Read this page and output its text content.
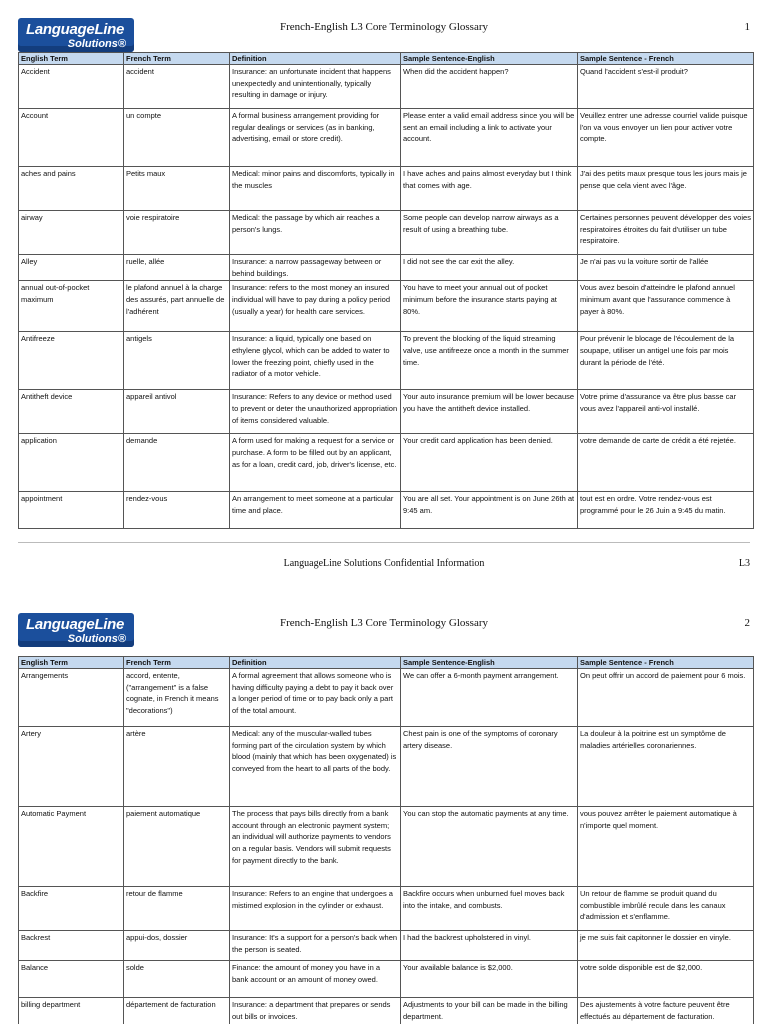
LanguageLine
Solutions®
French-English L3 Core Terminology Glossary	1
English Term	French Term	Definition	Sample Sentence-English	Sample Sentence - French
Accident	accident	Insurance: an unfortunate incident that happens unexpectedly and unintentionally, typically resulting in damage or injury.	When did the accident happen?	Quand l'accident s'est-il produit?
Account	un compte	A formal business arrangement providing for regular dealings or services (as in banking, advertising, email or store credit).	Please enter a valid email address since you will be sent an email including a link to activate your account.	Veuillez entrer une adresse courriel valide puisque l'on va vous envoyer un lien pour activer votre compte.
aches and pains	Petits maux	Medical: minor pains and discomforts, typically in the muscles	I have aches and pains almost everyday but I think that comes with age.	J'ai des petits maux presque tous les jours mais je pense que cela vient avec l'âge.
airway	voie respiratoire	Medical: the passage by which air reaches a person's lungs.	Some people can develop narrow airways as a result of using a breathing tube.	Certaines personnes peuvent développer des voies respiratoires étroites du fait d'utiliser un tube respiratoire.
Alley	ruelle, allée	Insurance: a narrow passageway between or behind buildings.	I did not see the car exit the alley.	Je n'ai pas vu la voiture sortir de l'allée
annual out-of-pocket maximum	le plafond annuel à la charge des assurés, part annuelle de l'adhérent	Insurance: refers to the most money an insured individual will have to pay during a policy period (usually a year) for health care services.	You have to meet your annual out of pocket minimum before the insurance starts paying at 80%.	Vous avez besoin d'atteindre le plafond annuel minimum avant que l'assurance commence à payer à 80%.
Antifreeze	antigels	Insurance: a liquid, typically one based on ethylene glycol, which can be added to water to lower the freezing point, chiefly used in the radiator of a motor vehicle.	To prevent the blocking of the liquid streaming valve, use antifreeze once a month in the summer time.	Pour prévenir le blocage de l'écoulement de la soupape, utiliser un antigel une fois par mois durant la période de l'été.
Antitheft device	appareil antivol	Insurance: Refers to any device or method used to prevent or deter the unauthorized appropriation of items considered valuable.	Your auto insurance premium will be lower because you have the antitheft device installed.	Votre prime d'assurance va être plus basse car vous avez l'appareil anti-vol installé.
application	demande	A form used for making a request for a service or purchase. A form to be filled out by an applicant, as for a loan, credit card, job, driver's license, etc.	Your credit card application has been denied.	votre demande de carte de crédit a été rejetée.
appointment	rendez-vous	An arrangement to meet someone at a particular time and place.	You are all set. Your appointment is on June 26th at 9:45 am.	tout est en ordre. Votre rendez-vous est programmé pour le 26 Juin a 9:45 du matin.
LanguageLine Solutions Confidential Information	L3
LanguageLine
Solutions®
French-English L3 Core Terminology Glossary	2
English Term	French Term	Definition	Sample Sentence-English	Sample Sentence - French
Arrangements	accord, entente, ("arrangement" is a false cognate, in French it means "decorations")	A formal agreement that allows someone who is having difficulty paying a debt to pay it back over a longer period of time or to pay back only a part of the total amount.	We can offer a 6-month payment arrangement.	On peut offrir un accord de paiement pour 6 mois.
Artery	artère	Medical: any of the muscular-walled tubes forming part of the circulation system by which blood (mainly that which has been oxygenated) is conveyed from the heart to all parts of the body.	Chest pain is one of the symptoms of coronary artery disease.	La douleur à la poitrine est un symptôme de maladies artérielles coronariennes.
Automatic Payment	paiement automatique	The process that pays bills directly from a bank account through an electronic payment system; an individual will authorize payments to vendors on a regular basis. Vendors will submit requests for payment directly to the bank.	You can stop the automatic payments at any time.	vous pouvez arrêter le paiement automatique à n'importe quel moment.
Backfire	retour de flamme	Insurance: Refers to an engine that undergoes a mistimed explosion in the cylinder or exhaust.	Backfire occurs when unburned fuel moves back into the intake, and combusts.	Un retour de flamme se produit quand du combustible imbrûlé recule dans les canaux d'admission et s'enflamme.
Backrest	appui-dos, dossier	Insurance: It's a support for a person's back when the person is seated.	I had the backrest upholstered in vinyl.	je me suis fait capitonner le dossier en vinyle.
Balance	solde	Finance: the amount of money you have in a bank account or an amount of money owed.	Your available balance is $2,000.	votre solde disponible est de $2,000.
billing department	département de facturation	Insurance: a department that prepares or sends out bills or invoices.	Adjustments to your bill can be made in the billing department.	Des ajustements à votre facture peuvent être effectués au département de facturation.
